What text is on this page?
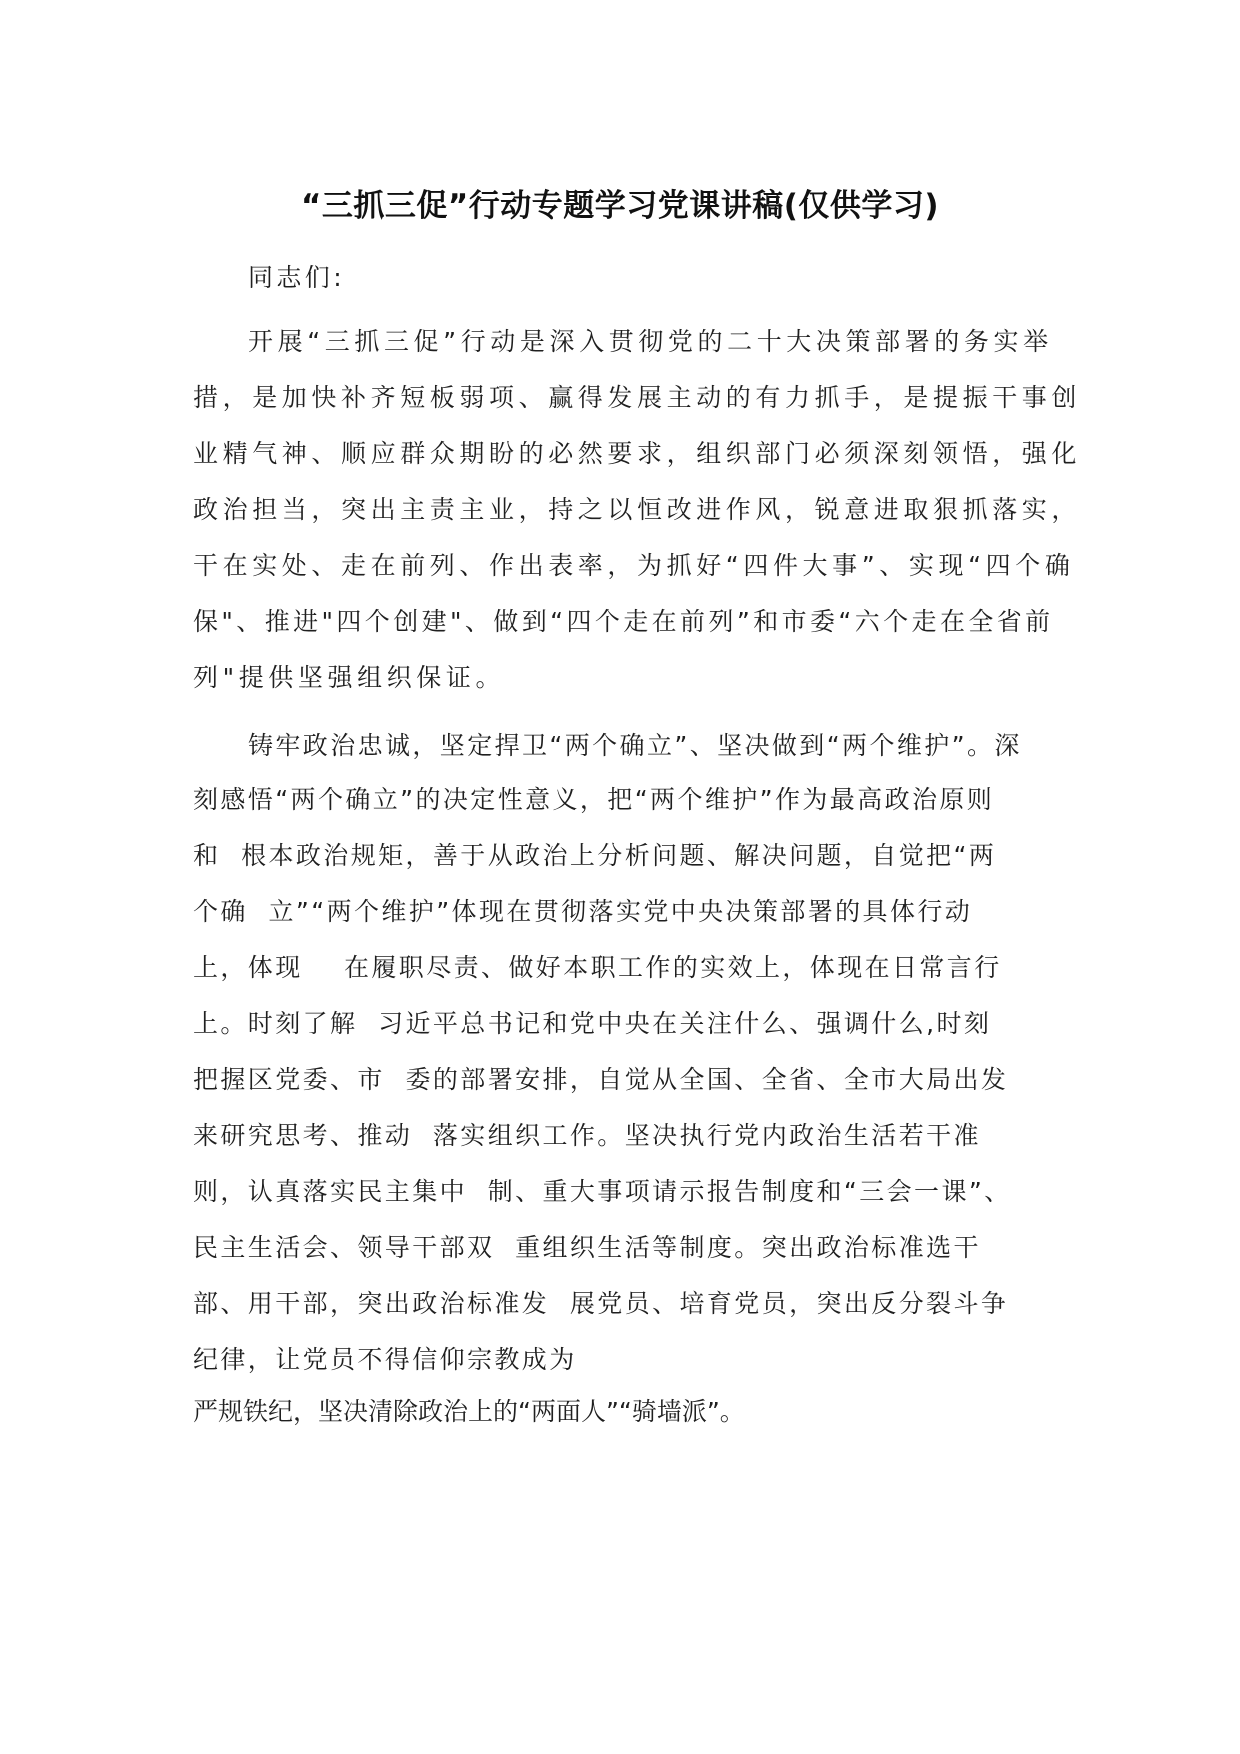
“三抓三促”行动专题学习党课讲稿(仅供学习)
同志们:
开展“三抓三促”行动是深入贯彻党的二十大决策部署的务实举
措，是加快补齐短板弱项、赢得发展主动的有力抓手，是提振干事创
业精气神、顺应群众期盼的必然要求，组织部门必须深刻领悟，强化
政治担当，突出主责主业，持之以恒改进作风，锐意进取狠抓落实，
干在实处、走在前列、作出表率，为抓好“四件大事”、实现“四个确
保"、推进"四个创建"、做到“四个走在前列”和市委“六个走在全省前
列"提供坚强组织保证。
铸牢政治忠诚，坚定捍卫“两个确立”、坚决做到“两个维护”。深
刻感悟“两个确立”的决定性意义，把“两个维护”作为最高政治原则
和  根本政治规矩，善于从政治上分析问题、解决问题，自觉把“两
个确  立”“两个维护”体现在贯彻落实党中央决策部署的具体行动
上，体现    在履职尽责、做好本职工作的实效上，体现在日常言行
上。时刻了解  习近平总书记和党中央在关注什么、强调什么,时刻
把握区党委、市  委的部署安排，自觉从全国、全省、全市大局出发
来研究思考、推动  落实组织工作。坚决执行党内政治生活若干准
则，认真落实民主集中  制、重大事项请示报告制度和“三会一课”、
民主生活会、领导干部双  重组织生活等制度。突出政治标准选干
部、用干部，突出政治标准发  展党员、培育党员，突出反分裂斗争
纪律，让党员不得信仰宗教成为
严规铁纪，坚决清除政治上的“两面人”“骑墙派”。
